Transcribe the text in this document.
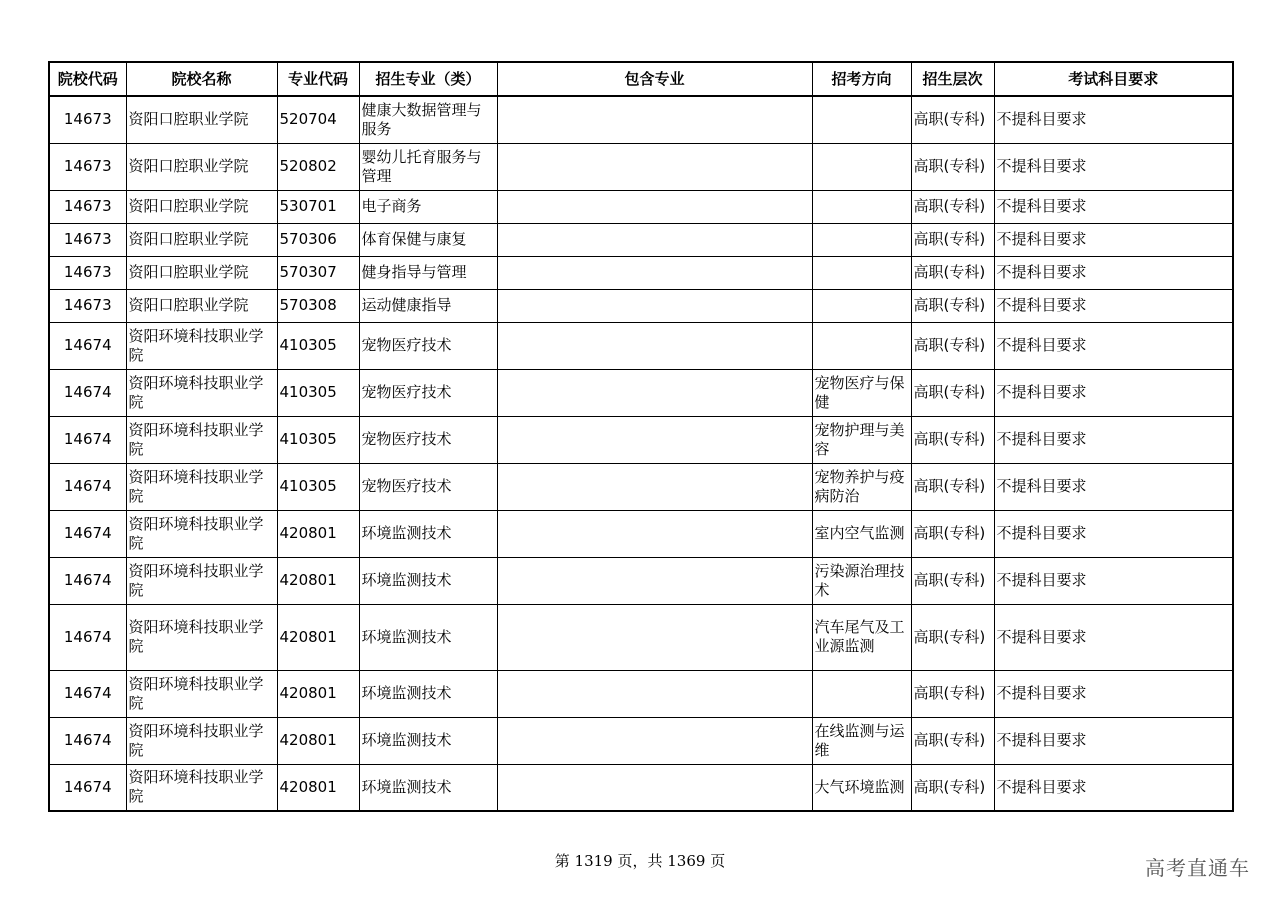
院校代码	院校名称	专业代码	招生专业（类）	包含专业	招考方向	招生层次	考试科目要求
14673	资阳口腔职业学院	520704	健康大数据管理与服务			高职(专科)	不提科目要求
14673	资阳口腔职业学院	520802	婴幼儿托育服务与管理			高职(专科)	不提科目要求
14673	资阳口腔职业学院	530701	电子商务			高职(专科)	不提科目要求
14673	资阳口腔职业学院	570306	体育保健与康复			高职(专科)	不提科目要求
14673	资阳口腔职业学院	570307	健身指导与管理			高职(专科)	不提科目要求
14673	资阳口腔职业学院	570308	运动健康指导			高职(专科)	不提科目要求
14674	资阳环境科技职业学院	410305	宠物医疗技术			高职(专科)	不提科目要求
14674	资阳环境科技职业学院	410305	宠物医疗技术		宠物医疗与保健	高职(专科)	不提科目要求
14674	资阳环境科技职业学院	410305	宠物医疗技术		宠物护理与美容	高职(专科)	不提科目要求
14674	资阳环境科技职业学院	410305	宠物医疗技术		宠物养护与疫病防治	高职(专科)	不提科目要求
14674	资阳环境科技职业学院	420801	环境监测技术		室内空气监测	高职(专科)	不提科目要求
14674	资阳环境科技职业学院	420801	环境监测技术		污染源治理技术	高职(专科)	不提科目要求
14674	资阳环境科技职业学院	420801	环境监测技术		汽车尾气及工业源监测	高职(专科)	不提科目要求
14674	资阳环境科技职业学院	420801	环境监测技术			高职(专科)	不提科目要求
14674	资阳环境科技职业学院	420801	环境监测技术		在线监测与运维	高职(专科)	不提科目要求
14674	资阳环境科技职业学院	420801	环境监测技术		大气环境监测	高职(专科)	不提科目要求
第 1319 页，共 1369 页	高考直通车
